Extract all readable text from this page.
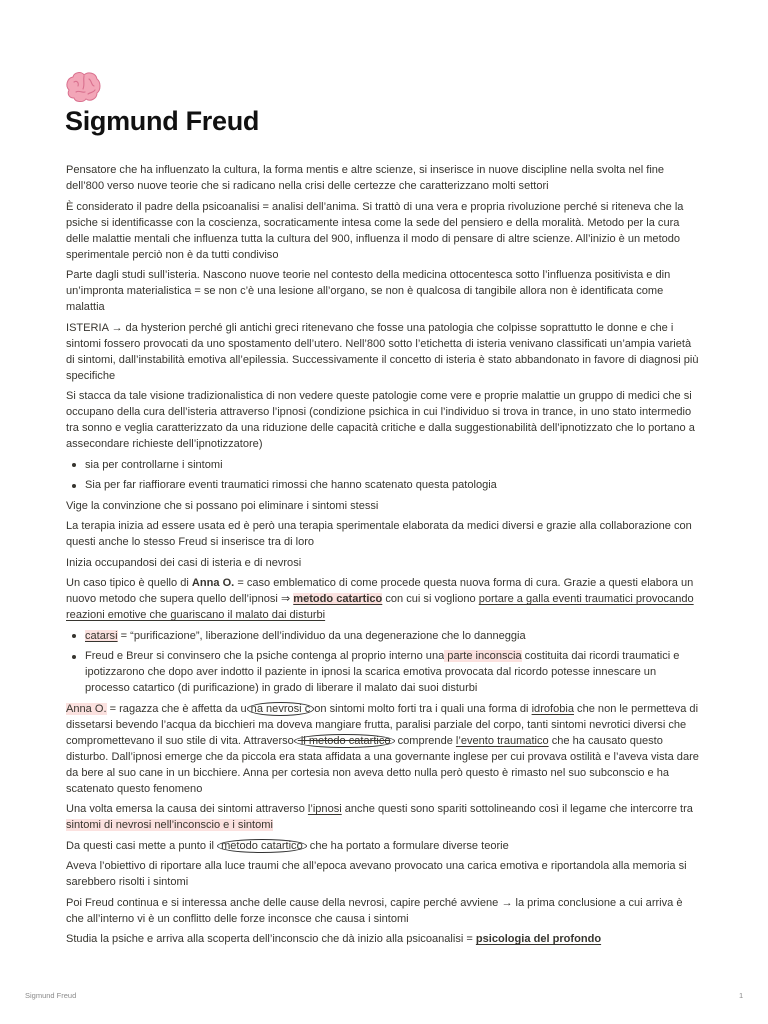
Sigmund Freud

Pensatore che ha influenzato la cultura, la forma mentis e altre scienze, si inserisce in nuove discipline nella svolta nel fine dell’800 verso nuove teorie che si radicano nella crisi delle certezze che caratterizzano molti settori

È considerato il padre della psicoanalisi = analisi dell’anima. Si trattò di una vera e propria rivoluzione perché si riteneva che la psiche si identificasse con la coscienza, socraticamente intesa come la sede del pensiero e della moralità. Metodo per la cura delle malattie mentali che influenza tutta la cultura del 900, influenza il modo di pensare di altre scienze. All’inizio è un metodo sperimentale perciò non è da tutti condiviso

Parte dagli studi sull’isteria. Nascono nuove teorie nel contesto della medicina ottocentesca sotto l’influenza positivista e din un’impronta materialistica = se non c’è una lesione all’organo, se non è qualcosa di tangibile allora non è identificata come malattia

ISTERIA → da hysterion perché gli antichi greci ritenevano che fosse una patologia che colpisse soprattutto le donne e che i sintomi fossero provocati da uno spostamento dell’utero. Nell’800 sotto l’etichetta di isteria venivano classificati un’ampia varietà di sintomi, dall’instabilità emotiva all’epilessia. Successivamente il concetto di isteria è stato abbandonato in favore di diagnosi più specifiche

Si stacca da tale visione tradizionalistica di non vedere queste patologie come vere e proprie malattie un gruppo di medici che si occupano della cura dell’isteria attraverso l’ipnosi (condizione psichica in cui l’individuo si trova in trance, in uno stato intermedio tra sonno e veglia caratterizzato da una riduzione delle capacità critiche e dalla suggestionabilità dell’ipnotizzato che lo portano a assecondare richieste dell’ipnotizzatore)

sia per controllarne i sintomi
Sia per far riaffiorare eventi traumatici rimossi che hanno scatenato questa patologia

Vige la convinzione che si possano poi eliminare i sintomi stessi

La terapia inizia ad essere usata ed è però una terapia sperimentale elaborata da medici diversi e grazie alla collaborazione con questi anche lo stesso Freud si inserisce tra di loro

Inizia occupandosi dei casi di isteria e di nevrosi

Un caso tipico è quello di Anna O. = caso emblematico di come procede questa nuova forma di cura. Grazie a questi elabora un nuovo metodo che supera quello dell’ipnosi ⇒ metodo catartico con cui si vogliono portare a galla eventi traumatici provocando reazioni emotive che guariscano il malato dai disturbi

catarsi = “purificazione”, liberazione dell’individuo da una degenerazione che lo danneggia
Freud e Breur si convinsero che la psiche contenga al proprio interno una parte inconscia costituita dai ricordi traumatici e ipotizzarono che dopo aver indotto il paziente in ipnosi la scarica emotiva provocata dal ricordo potesse innescare un processo catartico (di purificazione) in grado di liberare il malato dai suoi disturbi

Anna O. = ragazza che è affetta da u na nevrosi c on sintomi molto forti tra i quali una forma di idrofobia che non le permetteva di dissetarsi bevendo l’acqua da bicchieri ma doveva mangiare frutta, paralisi parziale del corpo, tanti sintomi nevrotici diversi che compromettevano il suo stile di vita. Attraverso il metodo catartico comprende l’evento traumatico che ha causato questo disturbo. Dall’ipnosi emerge che da piccola era stata affidata a una governante inglese per cui provava ostilità e l’aveva vista dare da bere al suo cane in un bicchiere. Anna per cortesia non aveva detto nulla però questo è rimasto nel suo subconscio e ha scatenato questo fenomeno

Una volta emersa la causa dei sintomi attraverso l’ipnosi anche questi sono spariti sottolineando così il legame che intercorre tra sintomi di nevrosi nell’inconscio e i sintomi

Da questi casi mette a punto il metodo catartico che ha portato a formulare diverse teorie

Aveva l’obiettivo di riportare alla luce traumi che all’epoca avevano provocato una carica emotiva e riportandola alla memoria si sarebbero risolti i sintomi

Poi Freud continua e si interessa anche delle cause della nevrosi, capire perché avviene → la prima conclusione a cui arriva è che all’interno vi è un conflitto delle forze inconsce che causa i sintomi

Studia la psiche e arriva alla scoperta dell’inconscio che dà inizio alla psicoanalisi = psicologia del profondo

Sigmund Freud	1
